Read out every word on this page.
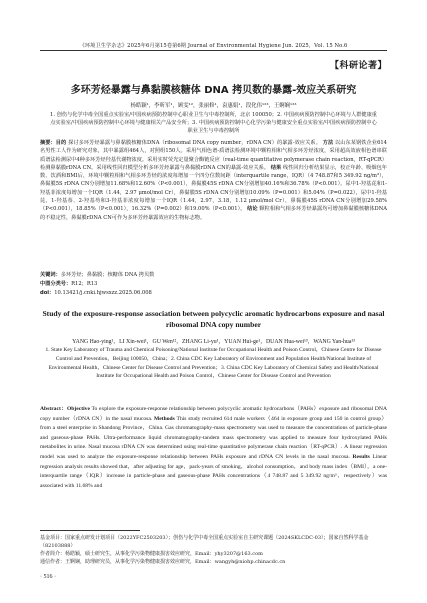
《环境卫生学杂志》2025年6月第15卷第6期 Journal of Environmental Hygiene Jun. 2025，Vol. 15 No.6
【科研论著】
多环芳烃暴露与鼻黏膜核糖体 DNA 拷贝数的暴露-效应关系研究
杨皓颖¹，李昕军¹，顾雯¹²，张丽修¹，袁惠娟¹，段化伟¹²³，王婀娴¹²³
1. 创伤与化学中毒全国重点实验室/中国疾病预防控制中心职业卫生与中毒控制所，北京 100050；2. 中国疾病预防控制中心环境与人群健康重点实验室/中国疾病预防控制中心环境与健康相关产品安全所；3. 中国疾病预防控制中心化学污染与健康安全重点实验室/中国疾病预防控制中心职业卫生与中毒控制所
摘要：目的 探讨多环芳烃暴露与鼻黏膜核糖体DNA（ribosomal DNA copy number，rDNA CN）的暴露-效应关系。 方法 以山东某钢铁企业614名男性工人作为研究对象，其中暴露组464人，对照组150人。采用气相色谱-质谱法检测环境中颗粒相和气相多环芳烃浓度，采用超高效液相色谱串联质谱法检测尿中4种多环芳烃羟基代谢物浓度。采用实时荧光定量聚合酶链反应（real-time quantitative polymerase chain reaction，RT-qPCR）检测鼻黏膜rDNA CN。采用线性回归模型分析多环芳烃暴露与鼻黏膜rDNA CN的暴露-效应关系。 结果 线性回归分析结果显示，校正年龄、吸烟包年数、饮酒和BMI后，环境中颗粒相和气相多环芳烃的浓度每增加一个四分位数间距（interquartile range，IQR）（4 748.87和5 349.92 ng/m³），鼻黏膜5S rDNA CN分别增加11.68%和12.60%（P<0.001），鼻黏膜45S rDNA CN分别增加40.16%和36.78%（P<0.001）。尿中1-羟基芘和1-羟基菲浓度每增加一个IQR（1.44，2.97 μmol/mol Cr），鼻黏膜5S rDNA CN分别增加10.09%（P=0.001）和5.04%（P=0.022），尿中1-羟基芘、1-羟基萘、2-羟基芴和3-羟基菲浓度每增加一个IQR（1.44，2.97，3.18，1.12 μmol/mol Cr），鼻黏膜45S rDNA CN分别增加29.58%（P<0.001），18.85%（P<0.001），16.32%（P=0.002）和19.00%（P<0.001）。 结论 颗粒相和气相多环芳烃暴露均可增加鼻黏膜核糖体DNA的不稳定性，鼻黏膜rDNA CN可作为多环芳烃暴露效应的生物标志物。
关键词：多环芳烃；鼻黏膜；核糖体 DNA 拷贝数
中图分类号：R12；R13
doi：10.13421/j.cnki.hjwsxzz.2025.06.008
Study of the exposure-response association between polycyclic aromatic hydrocarbons exposure and nasal ribosomal DNA copy number
YANG Hao-ying¹，LI Xin-wei¹，GU Wen¹²，ZHANG Li-yu¹，YUAN Hui-ge¹，DUAN Hua-wei¹³，WANG Yan-hua¹³
1. State Key Laboratory of Trauma and Chemical Poisoning/National Institute for Occupational Health and Poison Control，Chinese Centre for Disease Control and Prevention，Beijing 100050，China；2. China CDC Key Laboratory of Environment and Population Health/National Institute of Environmental Health，Chinese Center for Disease Control and Prevention；3. China CDC Key Laboratory of Chemical Safety and Health/National Institute for Occupational Health and Poison Control，Chinese Center for Disease Control and Prevention
Abstract：Objective To explore the exposure-response relationship between polycyclic aromatic hydrocarbons（PAHs）exposure and ribosomal DNA copy number（rDNA CN）in the nasal mucosa. Methods This study recruited 614 male workers（464 in exposure group and 150 in control group）from a steel enterprise in Shandong Province，China. Gas chromatography-mass spectrometry was used to measure the concentrations of particle-phase and gaseous-phase PAHs. Ultra-performance liquid chromatography-tandem mass spectrometry was applied to measure four hydroxylated PAHs metabolites in urine. Nasal mucosa rDNA CN was determined using real-time quantitative polymerase chain reaction（RT-qPCR）. A linear regression model was used to analyze the exposure-response relationship between PAHs exposure and rDNA CN levels in the nasal mucosa. Results Linear regression analysis results showed that，after adjusting for age，pack-years of smoking，alcohol consumption，and body mass index（BMI），a one-interquartile range（IQR）increase in particle-phase and gaseous-phase PAHs concentrations（4 748.87 and 5 349.92 ng/m³，respectively）was associated with 11.68% and
基金项目：国家重点研发计划项目（2022YFC2503203）；创伤与化学中毒全国重点实验室自主研究课题（2024SKLCDC-03）；国家自然科学基金（82103888）
作者简介：杨皓颖，硕士研究生，从事化学污染物健康损害效应研究，Email：yhy3207@163.com
通信作者：王婀娴，助理研究员，从事化学污染物健康损害效应研究，Email：wangyh@niohp.chinacdc.cn
· 516 ·
